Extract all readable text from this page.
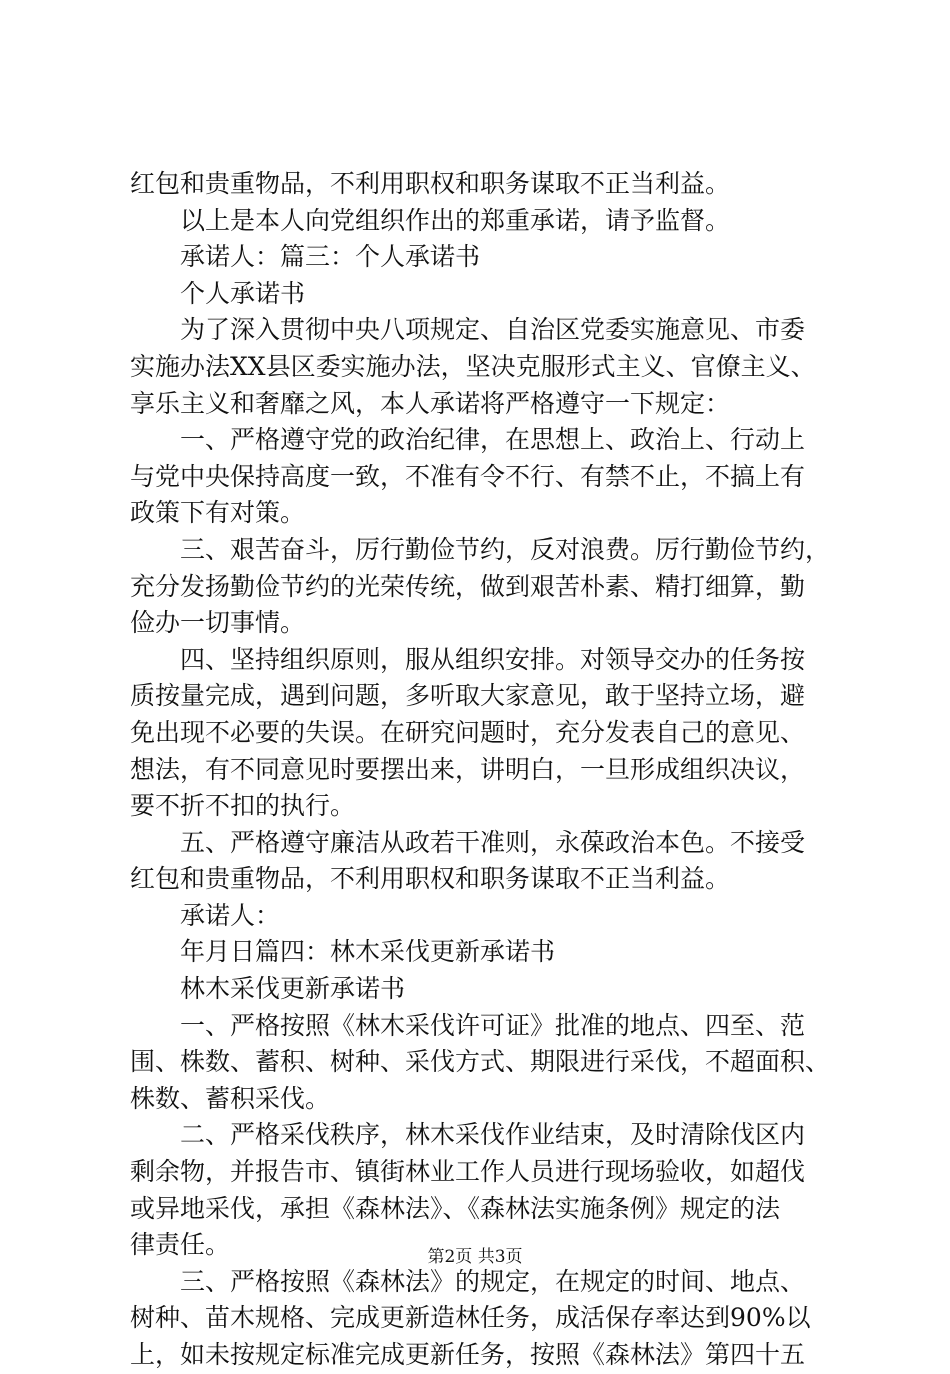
红包和贵重物品，不利用职权和职务谋取不正当利益。
以上是本人向党组织作出的郑重承诺，请予监督。
承诺人：篇三：个人承诺书
个人承诺书
为了深入贯彻中央八项规定、自治区党委实施意见、市委
实施办法XX县区委实施办法，坚决克服形式主义、官僚主义、
享乐主义和奢靡之风，本人承诺将严格遵守一下规定：
一、严格遵守党的政治纪律，在思想上、政治上、行动上
与党中央保持高度一致，不准有令不行、有禁不止，不搞上有
政策下有对策。
三、艰苦奋斗，厉行勤俭节约，反对浪费。厉行勤俭节约，
充分发扬勤俭节约的光荣传统，做到艰苦朴素、精打细算，勤
俭办一切事情。
四、坚持组织原则，服从组织安排。对领导交办的任务按
质按量完成，遇到问题，多听取大家意见，敢于坚持立场，避
免出现不必要的失误。在研究问题时，充分发表自己的意见、
想法，有不同意见时要摆出来，讲明白，一旦形成组织决议，
要不折不扣的执行。
五、严格遵守廉洁从政若干准则，永葆政治本色。不接受
红包和贵重物品，不利用职权和职务谋取不正当利益。
承诺人：
年月日篇四：林木采伐更新承诺书
林木采伐更新承诺书
一、严格按照《林木采伐许可证》批准的地点、四至、范
围、株数、蓄积、树种、采伐方式、期限进行采伐，不超面积、
株数、蓄积采伐。
二、严格采伐秩序，林木采伐作业结束，及时清除伐区内
剩余物，并报告市、镇街林业工作人员进行现场验收，如超伐
或异地采伐，承担《森林法》、《森林法实施条例》规定的法
律责任。
三、严格按照《森林法》的规定，在规定的时间、地点、
树种、苗木规格、完成更新造林任务，成活保存率达到90%以
上，如未按规定标准完成更新任务，按照《森林法》第四十五
第2页 共3页
